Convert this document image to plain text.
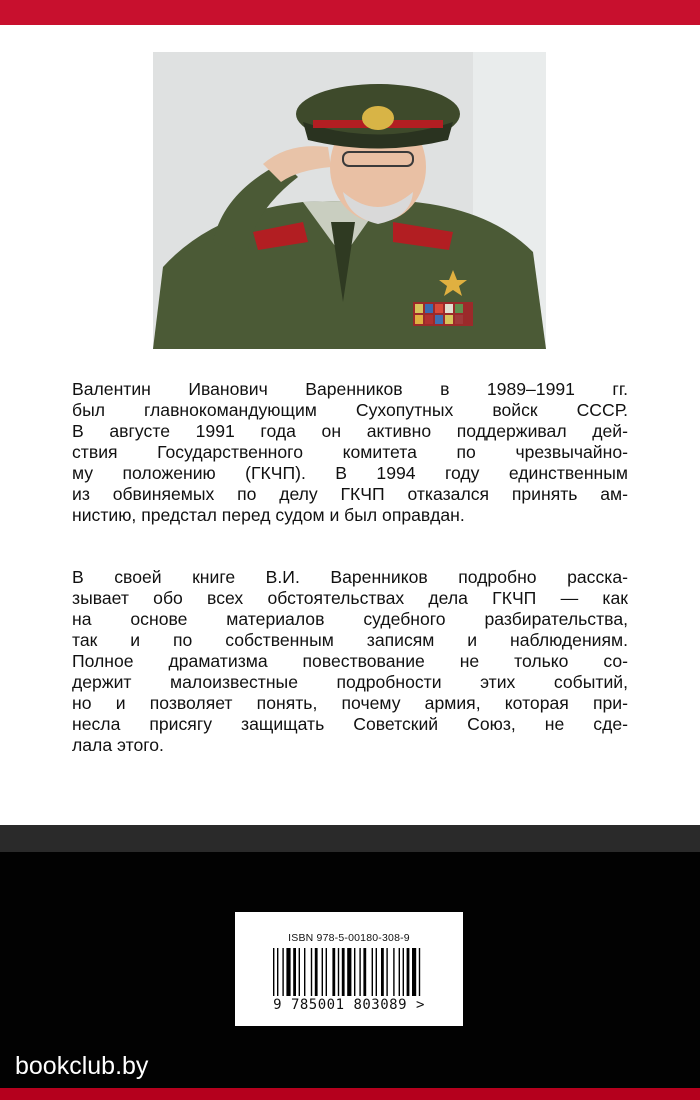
Валентин Иванович Варенников в 1989–1991 гг.
был главнокомандующим Сухопутных войск СССР.
В августе 1991 года он активно поддерживал дей-
ствия Государственного комитета по чрезвычайно-
му положению (ГКЧП). В 1994 году единственным
из обвиняемых по делу ГКЧП отказался принять ам-
нистию, предстал перед судом и был оправдан.
В своей книге В.И. Варенников подробно расска-
зывает обо всех обстоятельствах дела ГКЧП — как
на основе материалов судебного разбирательства,
так и по собственным записям и наблюдениям.
Полное драматизма повествование не только со-
держит малоизвестные подробности этих событий,
но и позволяет понять, почему армия, которая при-
несла присягу защищать Советский Союз, не сде-
лала этого.
ISBN 978-5-00180-308-9
9 785001 803089 >
bookclub.by
